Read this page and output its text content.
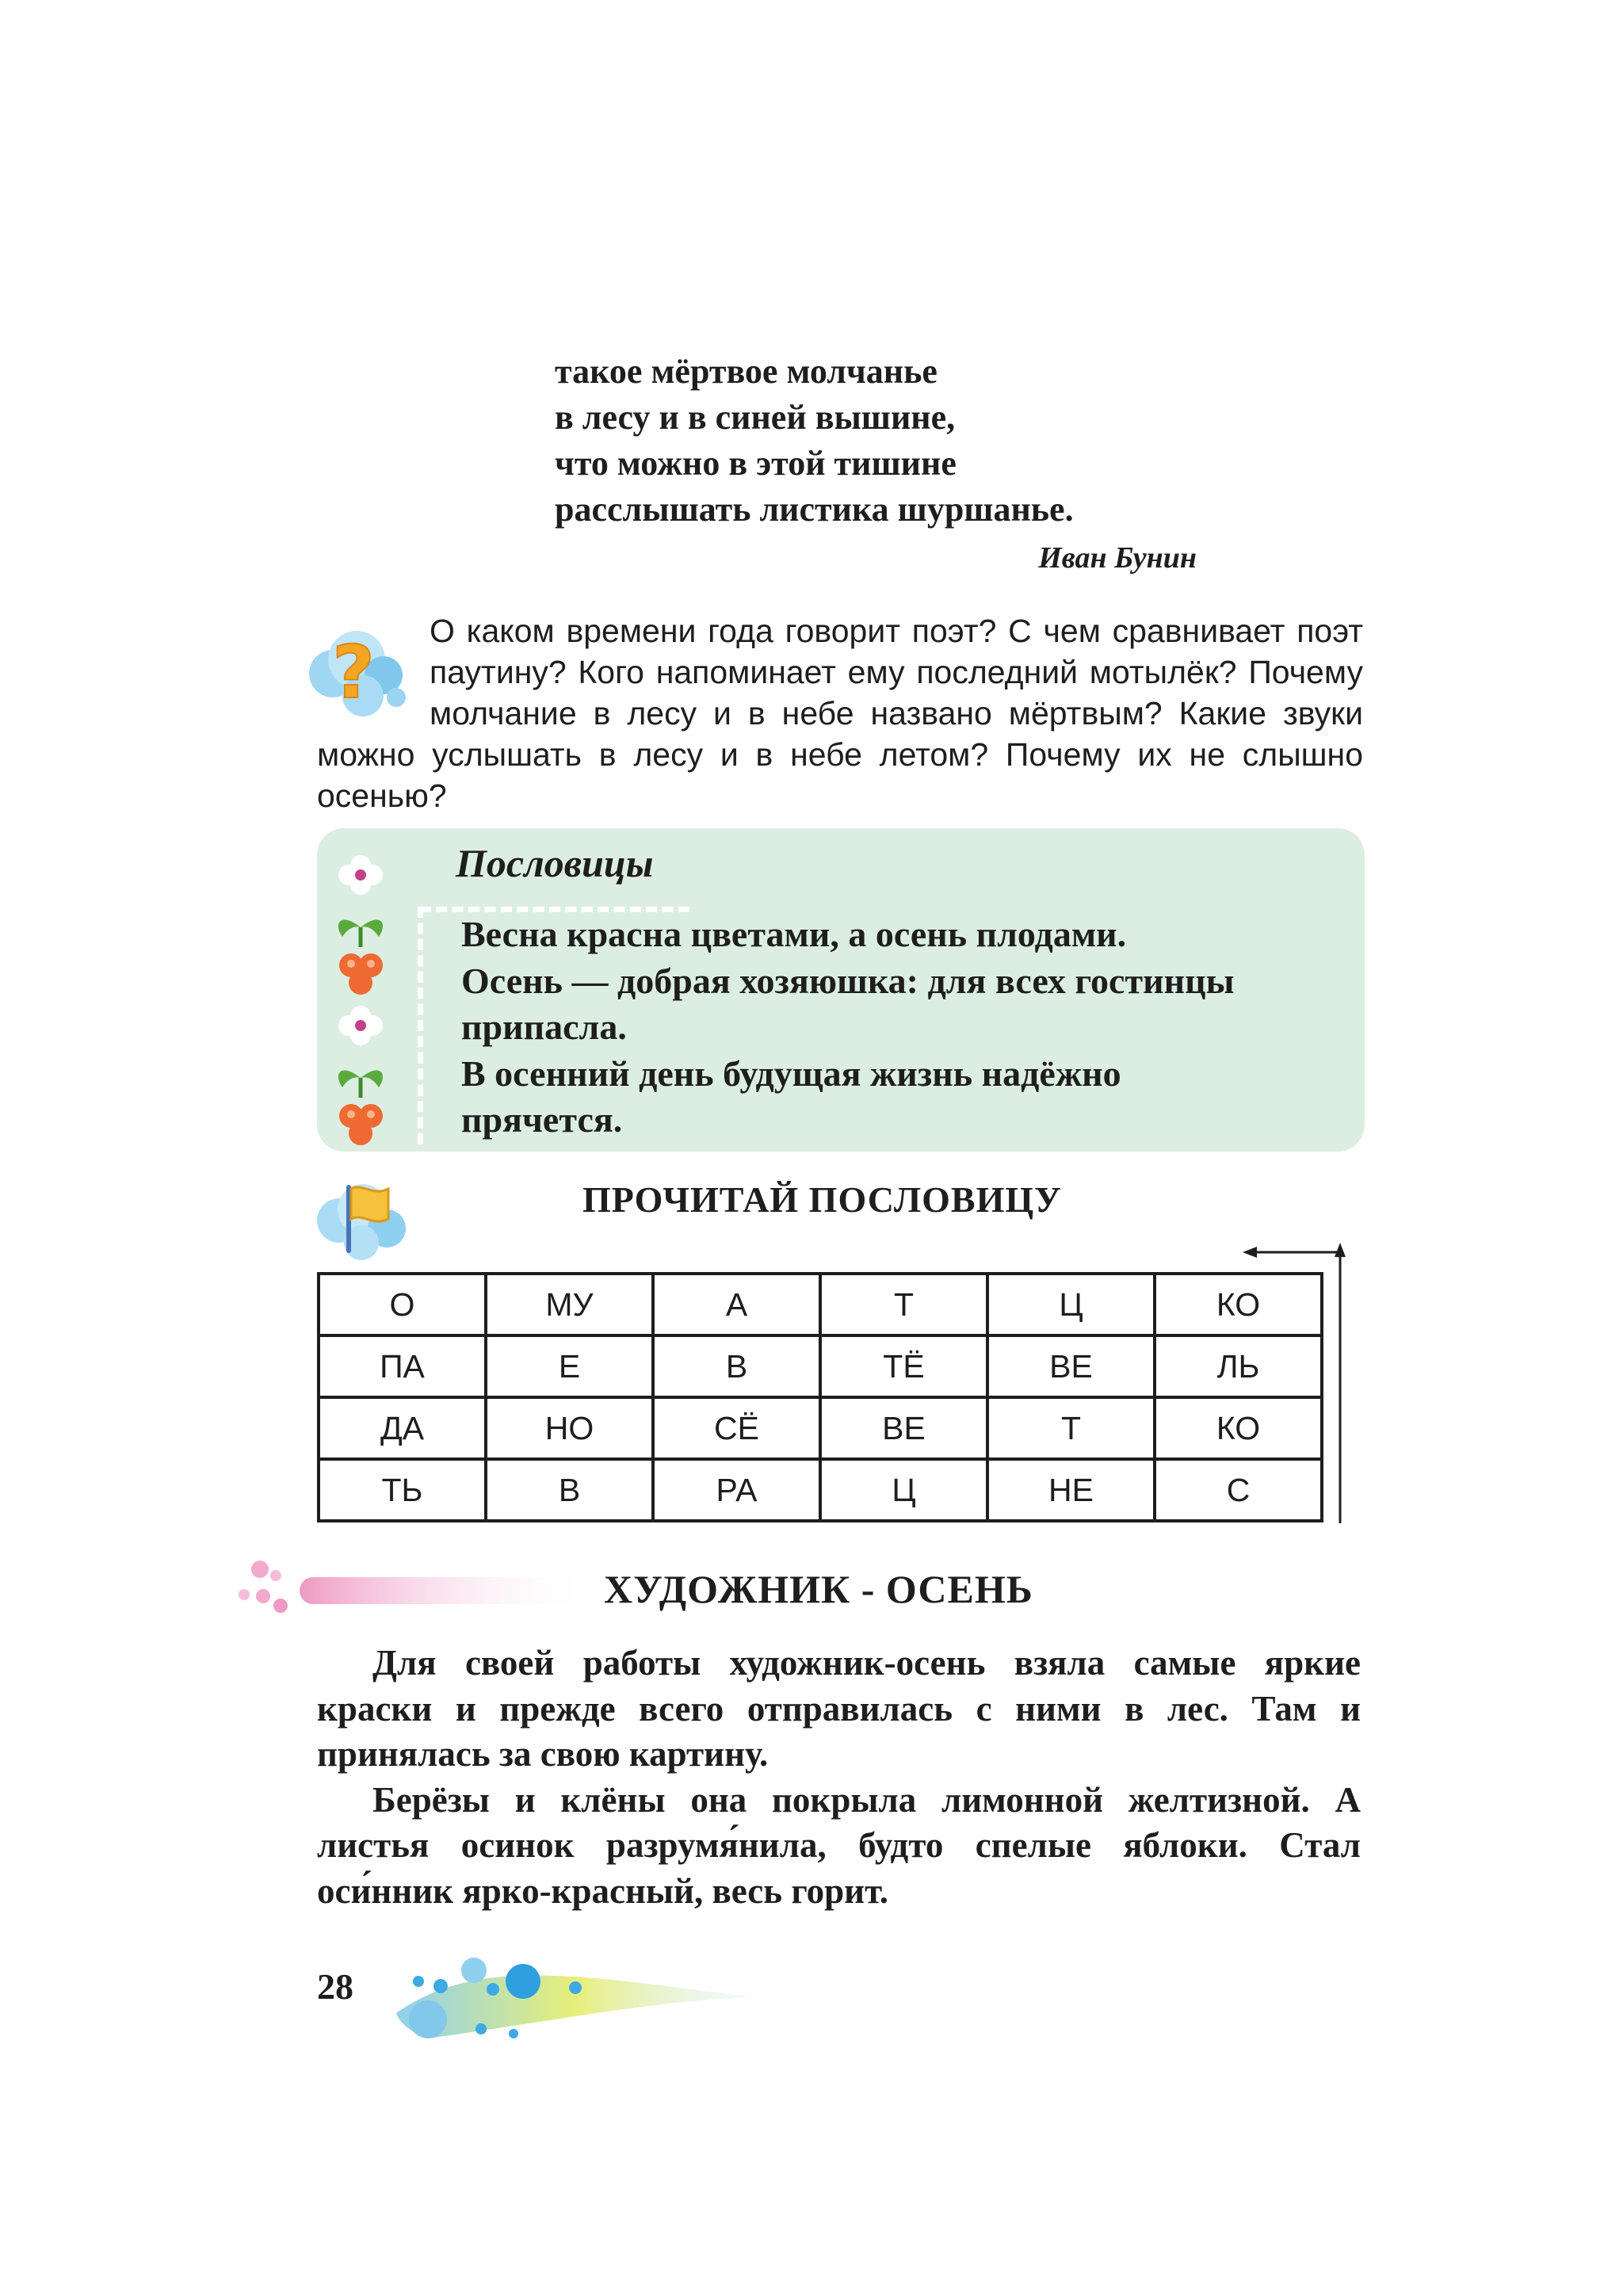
такое мёртвое молчанье
в лесу и в синей вышине,
что можно в этой тишине
расслышать листика шуршанье.
Иван Бунин
?	О каком времени года говорит поэт? С чем сравнивает поэт паутину? Кого напоминает ему последний мотылёк? Почему молчание в лесу и в небе названо мёртвым? Какие звуки можно услышать в лесу и в небе летом? Почему их не слышно осенью?
Пословицы
Весна красна цветами, а осень плодами.
Осень — добрая хозяюшка: для всех гостинцы
припасла.
В осенний день будущая жизнь надёжно
прячется.
ПРОЧИТАЙ ПОСЛОВИЦУ
О	МУ	А	Т	Ц	КО
ПА	Е	В	ТЁ	ВЕ	ЛЬ
ДА	НО	СЁ	ВЕ	Т	КО
ТЬ	В	РА	Ц	НЕ	С
ХУДОЖНИК - ОСЕНЬ

Для своей работы художник-осень взяла самые яркие краски и прежде всего отправилась с ними в лес. Там и принялась за свою картину.

Берёзы и клёны она покрыла лимонной желтизной. А листья осинок разрумя́нила, будто спелые яблоки. Стал оси́нник ярко-красный, весь горит.

28
